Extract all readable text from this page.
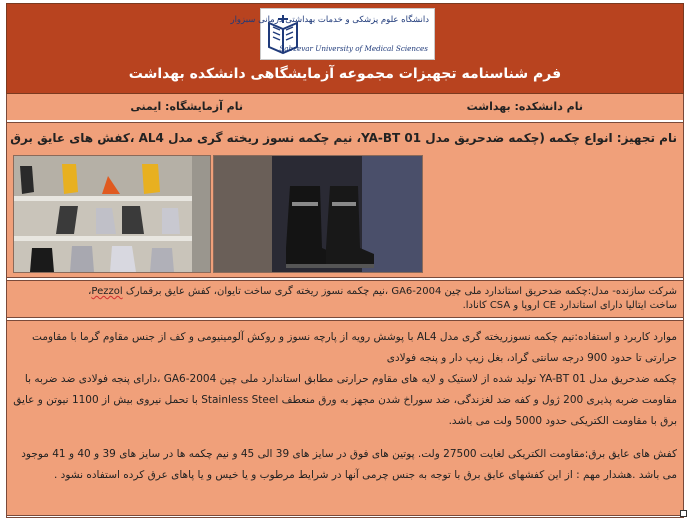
دانشگاه علوم پزشکی و خدمات بهداشتی درمانی سبزوار
Sabzevar University of Medical Sciences
فرم شناسنامه تجهیزات مجموعه آزمایشگاهی دانشکده بهداشت
نام دانشکده: بهداشت
نام آزمایشگاه: ایمنی
نام تجهیز: انواع چکمه (چکمه ضدحریق مدل YA-BT 01، نیم چکمه نسوز ریخته گری مدل AL4 ،کفش های عایق برق
شرکت سازنده- مدل:چکمه ضدحریق استاندارد ملی چین GA6-2004 ،نیم چکمه نسوز ریخته گری ساخت تایوان، کفش عایق برقمارک Pezzol،
ساخت ایتالیا دارای استاندارد CE اروپا و CSA کانادا.

موارد کاربرد و استفاده:نیم چکمه نسوزریخته گری مدل AL4 با پوشش رویه از پارچه نسوز و روکش آلومینیومی و کف از جنس مقاوم گرما با مقاومت حرارتی تا حدود 900 درجه سانتی گراد، بغل زیپ دار و پنجه فولادی

چکمه ضدحریق مدل YA-BT 01 تولید شده از لاستیک و لایه های مقاوم حرارتی مطابق استاندارد ملی چین GA6-2004 ،دارای پنجه فولادی ضد ضربه با مقاومت ضربه پذیری 200 ژول و کفه ضد لغزندگی، ضد سوراخ شدن مجهز به ورق منعطف Stainless Steel با تحمل نیروی بیش از 1100 نیوتن و عایق برق با مقاومت الکتریکی حدود 5000 ولت می باشد.

کفش های عایق برق:مقاومت الکتریکی لغایت 27500 ولت. پوتین های فوق در سایز های 39 الی 45 و نیم چکمه ها در سایز های 39 و 40 و 41 موجود می باشد .هشدار مهم : از این کفشهای عایق برق با توجه به جنس چرمی آنها در شرایط مرطوب و یا خیس و یا پاهای عرق کرده استفاده نشود .
